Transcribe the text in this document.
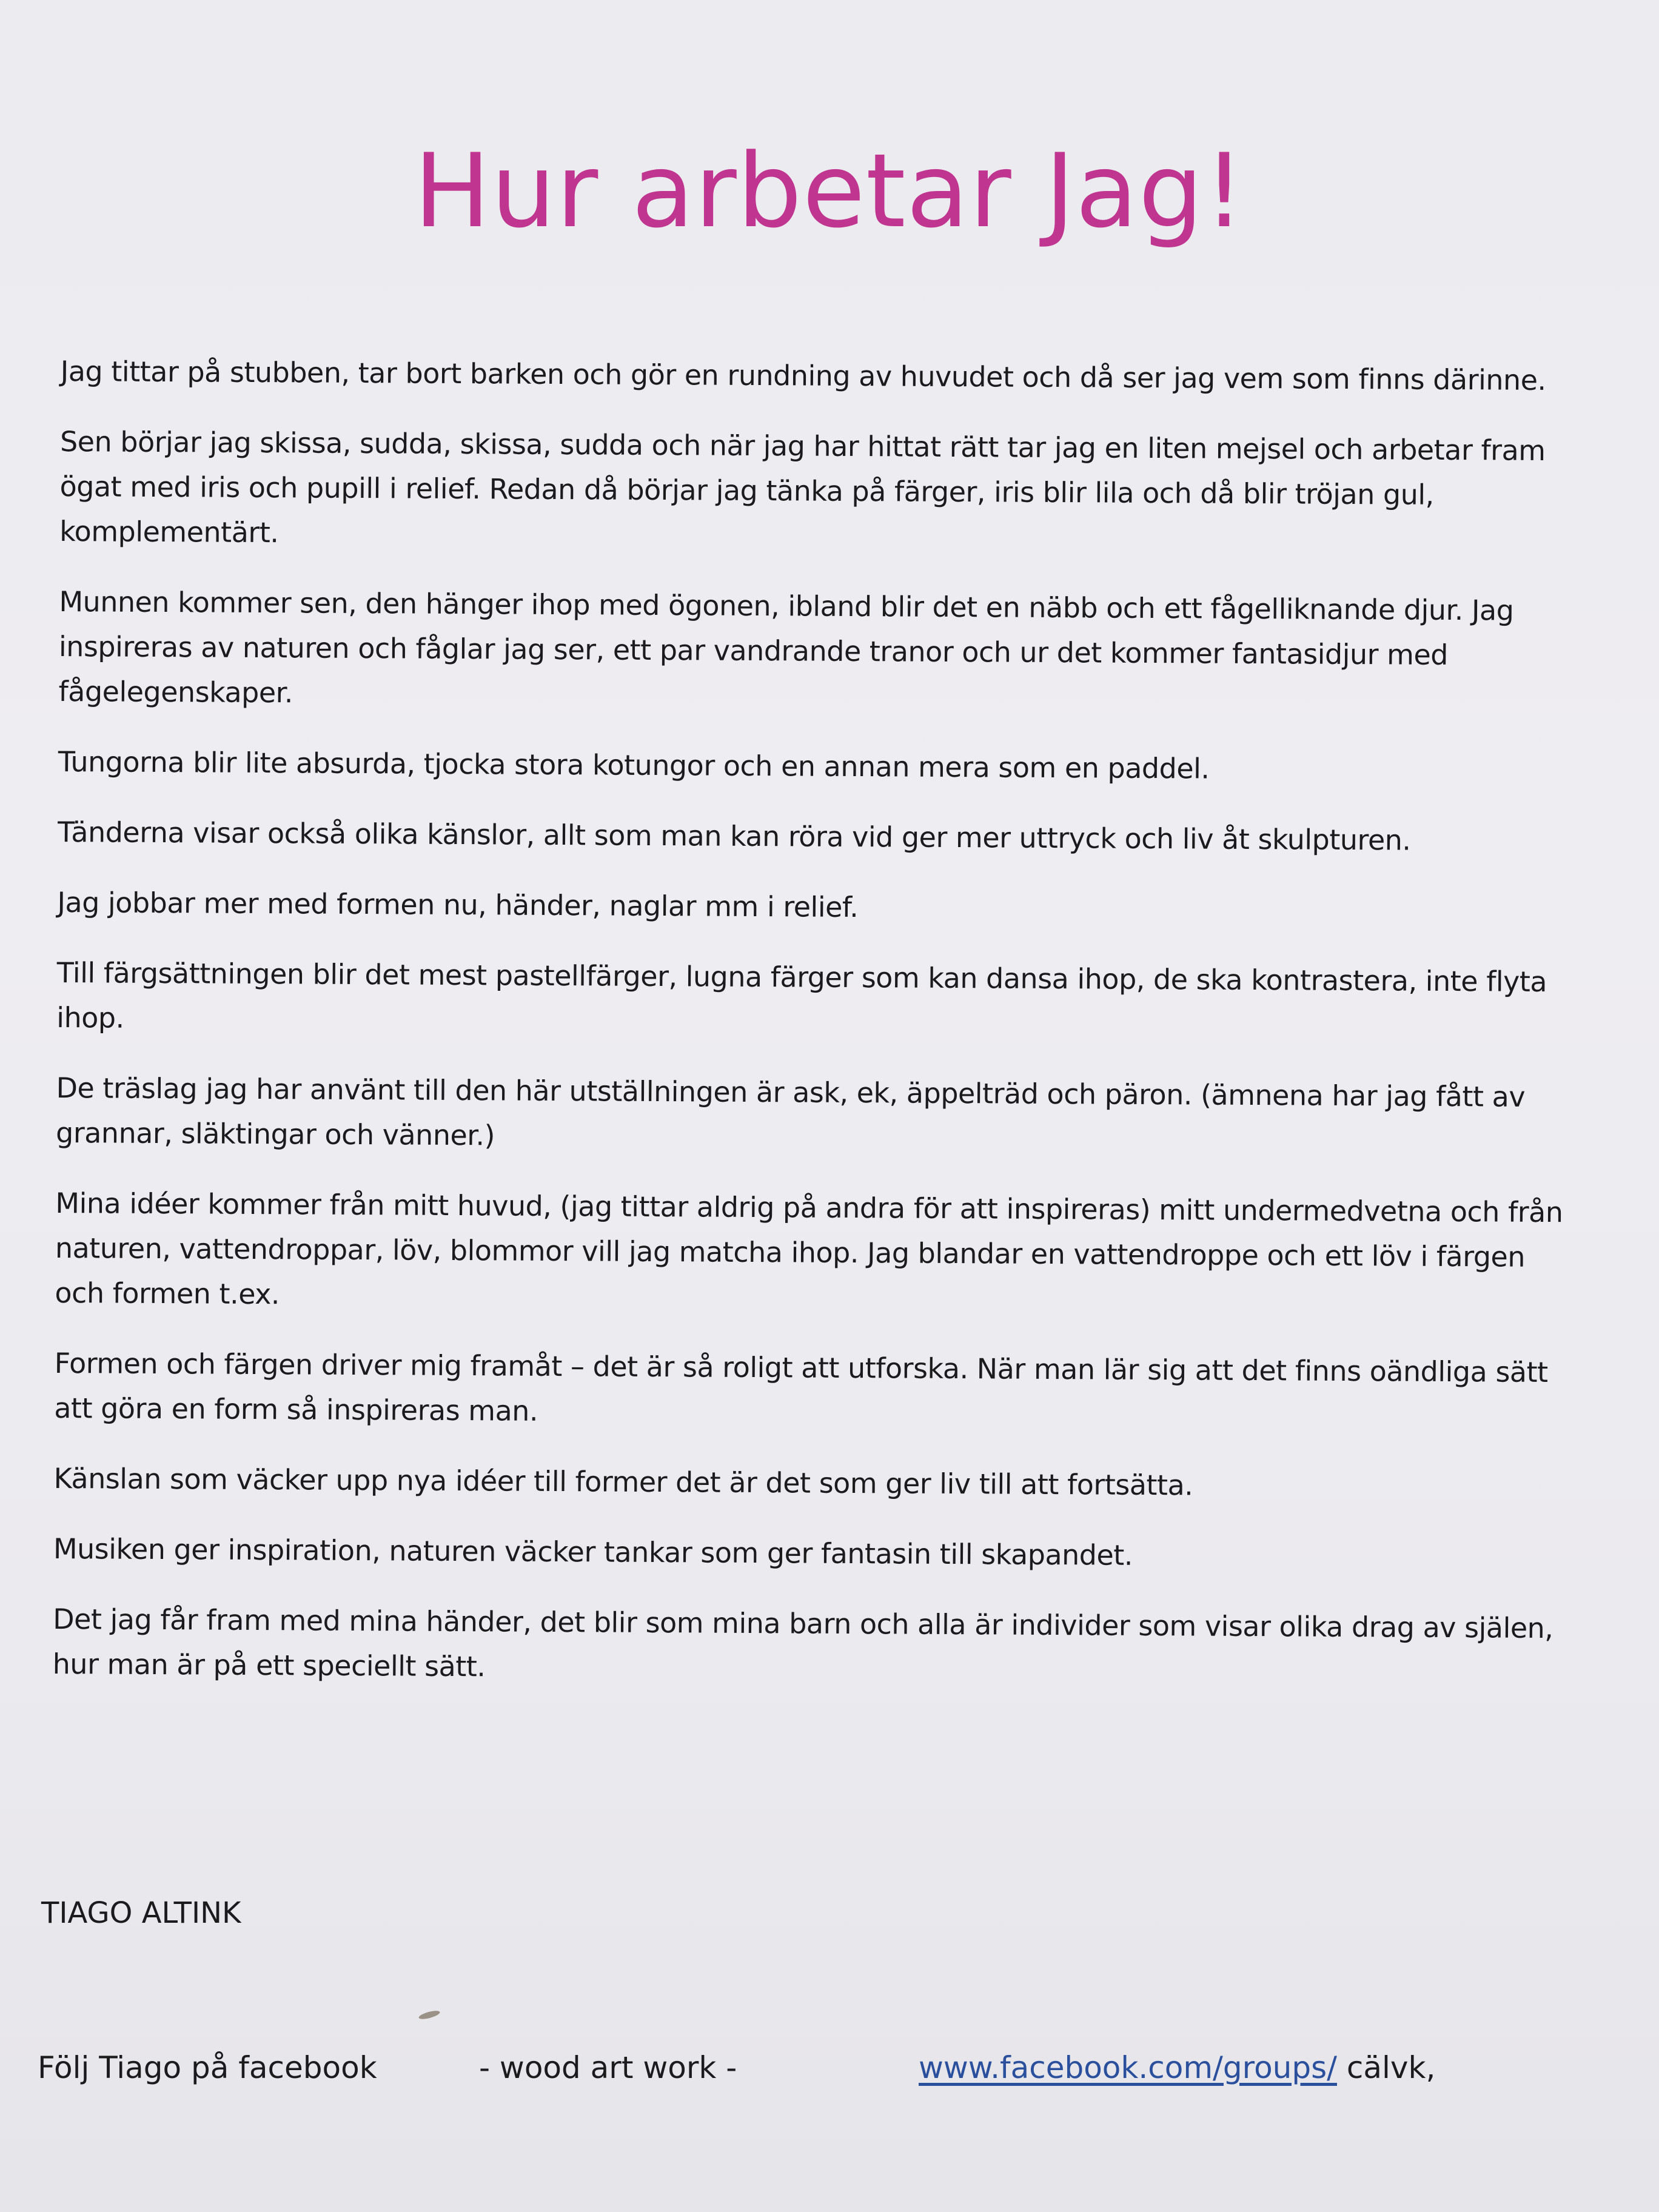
Hur arbetar Jag!

Jag tittar på stubben, tar bort barken och gör en rundning av huvudet och då ser jag vem som finns därinne.

Sen börjar jag skissa, sudda, skissa, sudda och när jag har hittat rätt tar jag en liten mejsel och arbetar fram ögat med iris och pupill i relief. Redan då börjar jag tänka på färger, iris blir lila och då blir tröjan gul, komplementärt.

Munnen kommer sen, den hänger ihop med ögonen, ibland blir det en näbb och ett fågelliknande djur. Jag inspireras av naturen och fåglar jag ser, ett par vandrande tranor och ur det kommer fantasidjur med fågelegenskaper.

Tungorna blir lite absurda, tjocka stora kotungor och en annan mera som en paddel.

Tänderna visar också olika känslor, allt som man kan röra vid ger mer uttryck och liv åt skulpturen.

Jag jobbar mer med formen nu, händer, naglar mm i relief.

Till färgsättningen blir det mest pastellfärger, lugna färger som kan dansa ihop, de ska kontrastera, inte flyta ihop.

De träslag jag har använt till den här utställningen är ask, ek, äppelträd och päron. (ämnena har jag fått av grannar, släktingar och vänner.)

Mina idéer kommer från mitt huvud, (jag tittar aldrig på andra för att inspireras) mitt undermedvetna och från naturen, vattendroppar, löv, blommor vill jag matcha ihop. Jag blandar en vattendroppe och ett löv i färgen och formen t.ex.

Formen och färgen driver mig framåt – det är så roligt att utforska. När man lär sig att det finns oändliga sätt att göra en form så inspireras man.

Känslan som väcker upp nya idéer till former det är det som ger liv till att fortsätta.

Musiken ger inspiration, naturen väcker tankar som ger fantasin till skapandet.

Det jag får fram med mina händer, det blir som mina barn och alla är individer som visar olika drag av själen, hur man är på ett speciellt sätt.

TIAGO ALTINK

Följ Tiago på facebook	- wood art work -	www.facebook.com/groups/ cälvk,
